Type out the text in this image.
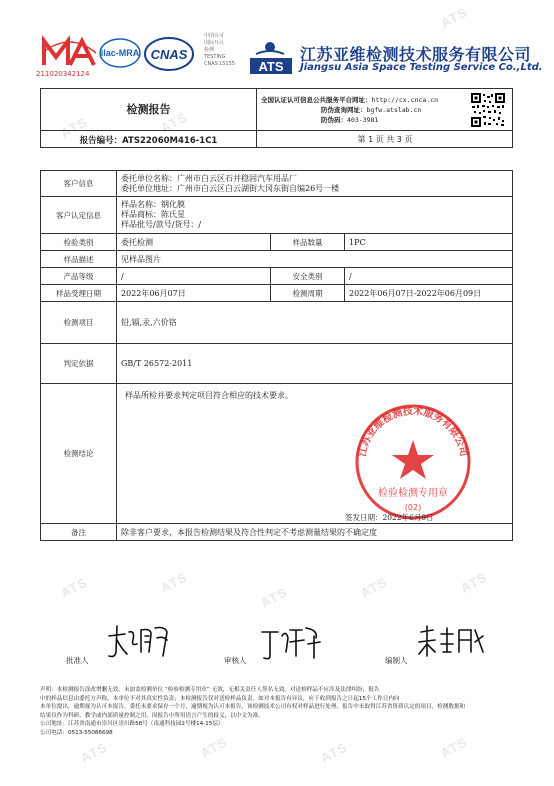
ATS	ATS
ATS
ATS	ATS
ATS	ATS	ATS
ATS	ATS	ATS	ATS
211020342124
ilac-MRA CNAS
中国认可
国际互认
检测
TESTING
CNAS L5155 ATS
江苏亚维检测技术服务有限公司
Jiangsu Asia Space Testing Service Co.,Ltd.
检测报告
全国认证认可信息公共服务平台网址：http://cx.cnca.cn
防伪查询网址：bgfw.atslab.cn
防伪码：403-3981
报告编号：ATS22060M416-1C1	第 1 页 共 3 页
客户信息	委托单位名称：广州市白云区石井稳固汽车用品厂
委托单位地址：广州市白云区白云湖街大冈东街自编26号一楼		

客户认定信息	样品名称：钢化膜
样品商标：陈氏星
样品批号/款号/货号：/		

检验类别	委托检测	样品数量	1PC
样品描述	见样品图片		
产品等级	/	安全类别	/
样品受理日期	2022年06月07日	检测周期	2022年06月07日-2022年06月09日
检测项目	铅,镉,汞,六价铬		
判定依据	GB/T 26572-2011		
检测结论	样品所检并要求判定项目符合相应的技术要求。		

备注	除非客户要求，本报告检测结果及符合性判定不考虑测量结果的不确定度		
江苏亚维检测技术服务有限公司
检验检测专用章
(02)
签发日期：2022年6月9日
批准人	审核人	编制人
声明：本检测报告涂改增删无效，未加盖检测单位 “检验检测专用章” 无效，无相关责任人签名无效。对送检样品不应涉及法律纠纷，报告
中的样品信息由委托方声称，本单位不对其真实性负责；本检测报告仅对送检样品负责。如对本报告有异议，应于收到报告之日起15个工作日内向
本单位提出，逾期视为认可本报告。委托未要求保存一个月，逾期视为认可本报告，该检测技术公司有权对样品进行处理。报告中未取得江苏省资质认定的项目，检测数据和
结果仅作为科研、教学或内部质量控制之用。因报告中所用语言产生的歧义，以中文为准。
公司地址：江苏省南通市崇川区崇川路58号（南通科技园2号楼14-15层）
公司电话：0513-55086698
